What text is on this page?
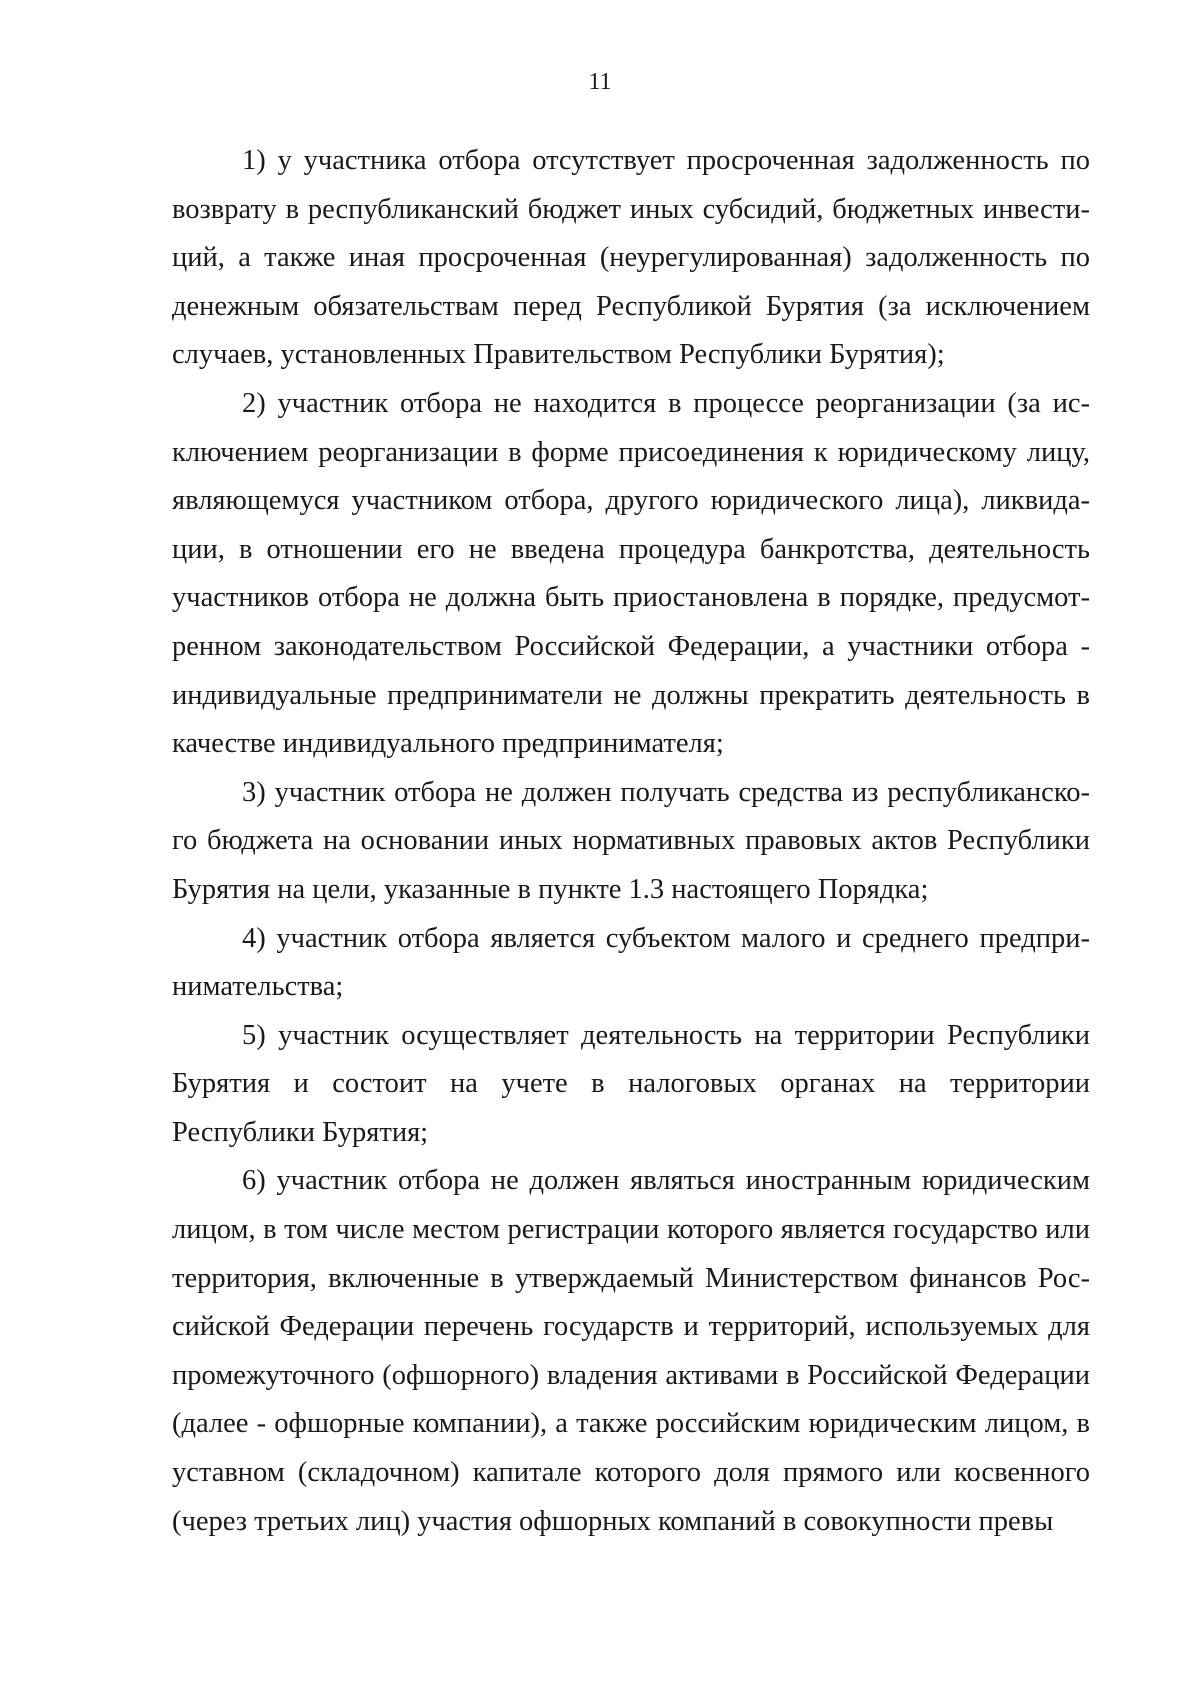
11

1) у участника отбора отсутствует просроченная задолженность по возврату в республиканский бюджет иных субсидий, бюджетных инвестиций, а также иная просроченная (неурегулированная) задолженность по денежным обязательствам перед Республикой Бурятия (за исключением случаев, установленных Правительством Республики Бурятия);

2) участник отбора не находится в процессе реорганизации (за исключением реорганизации в форме присоединения к юридическому лицу, являющемуся участником отбора, другого юридического лица), ликвидации, в отношении его не введена процедура банкротства, деятельность участников отбора не должна быть приостановлена в порядке, предусмотренном законодательством Российской Федерации, а участники отбора - индивидуальные предприниматели не должны прекратить деятельность в качестве индивидуального предпринимателя;

3) участник отбора не должен получать средства из республиканского бюджета на основании иных нормативных правовых актов Республики Бурятия на цели, указанные в пункте 1.3 настоящего Порядка;

4) участник отбора является субъектом малого и среднего предпринимательства;

5) участник осуществляет деятельность на территории Республики Бурятия и состоит на учете в налоговых органах на территории Республики Бурятия;

6) участник отбора не должен являться иностранным юридическим лицом, в том числе местом регистрации которого является государство или территория, включенные в утверждаемый Министерством финансов Российской Федерации перечень государств и территорий, используемых для промежуточного (офшорного) владения активами в Российской Федерации (далее - офшорные компании), а также российским юридическим лицом, в уставном (складочном) капитале которого доля прямого или косвенного (через третьих лиц) участия офшорных компаний в совокупности превы
